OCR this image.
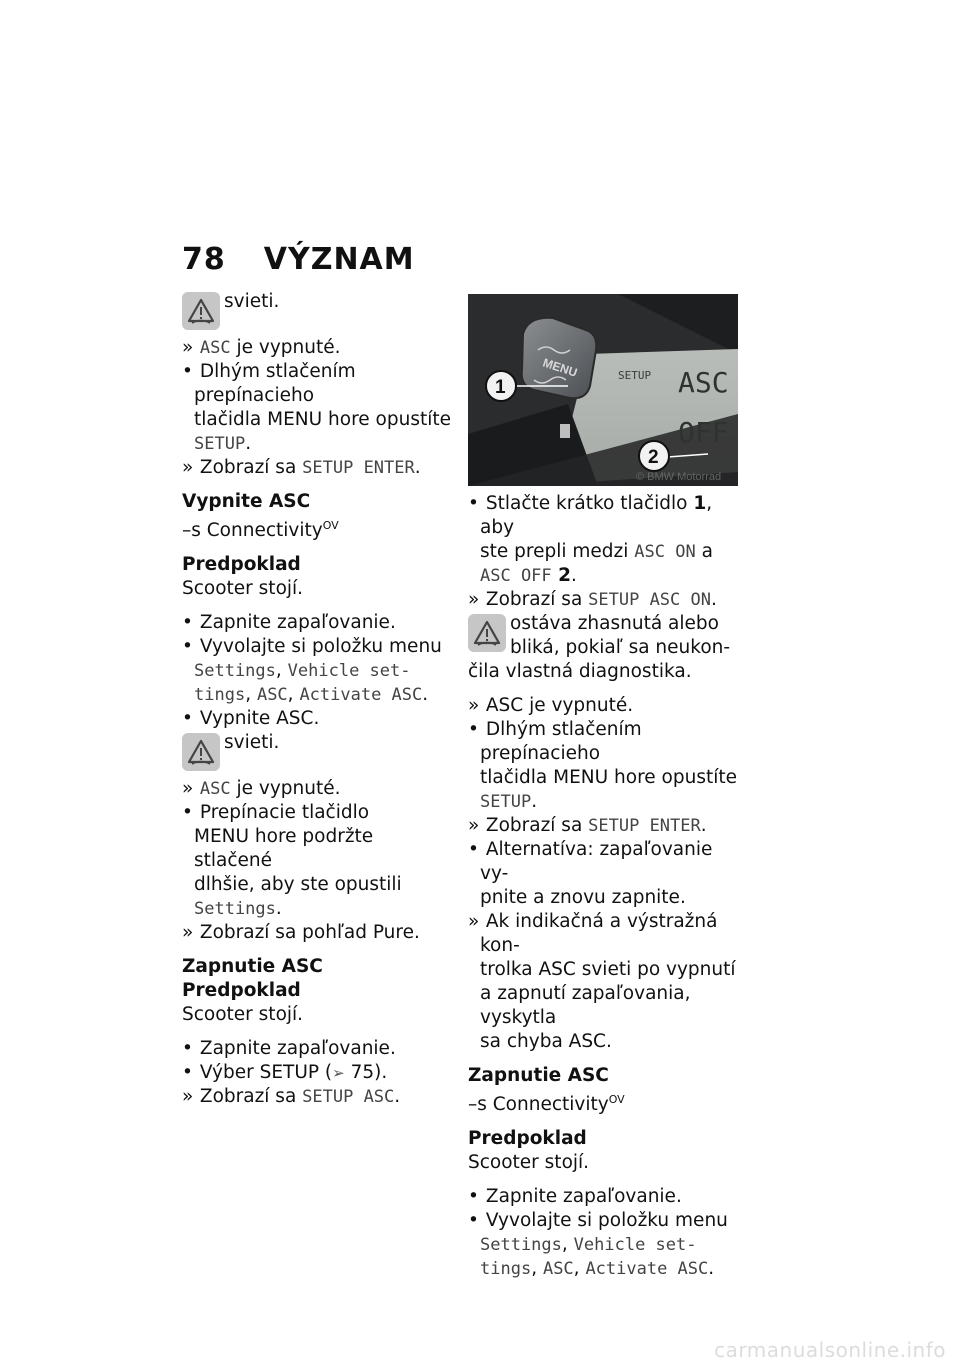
78 VÝZNAM
svieti.

» ASC je vypnuté.

• Dlhým stlačením prepínacieho

tlačidla MENU hore opustíte

SETUP.

» Zobrazí sa SETUP ENTER.

Vypnite ASC
–s Connectivity$^{OV}$
Predpoklad
Scooter stojí.

• Zapnite zapaľovanie.

• Vyvolajte si položku menu

Settings, Vehicle set-

tings, ASC, Activate ASC.

• Vypnite ASC.

svieti.

» ASC je vypnuté.

• Prepínacie tlačidlo

MENU hore podržte stlačené

dlhšie, aby ste opustili

Settings.

» Zobrazí sa pohľad Pure.

Zapnutie ASC
Predpoklad
Scooter stojí.

• Zapnite zapaľovanie.

• Výber SETUP (➢ 75).

» Zobrazí sa SETUP ASC.

MENU	SETUP ASC
OFF
1
2
© BMW Motorrad

• Stlačte krátko tlačidlo 1, aby

ste prepli medzi ASC ON a

ASC OFF 2.

» Zobrazí sa SETUP ASC ON.

ostáva zhasnutá alebo
bliká, pokiaľ sa neukon-
čila vlastná diagnostika.

» ASC je vypnuté.

• Dlhým stlačením prepínacieho

tlačidla MENU hore opustíte

SETUP.

» Zobrazí sa SETUP ENTER.

• Alternatíva: zapaľovanie vy-

pnite a znovu zapnite.

» Ak indikačná a výstražná kon-

trolka ASC svieti po vypnutí

a zapnutí zapaľovania, vyskytla

sa chyba ASC.

Zapnutie ASC
–s Connectivity$^{OV}$
Predpoklad
Scooter stojí.

• Zapnite zapaľovanie.

• Vyvolajte si položku menu

Settings, Vehicle set-

tings, ASC, Activate ASC.

carmanualsonline.info
